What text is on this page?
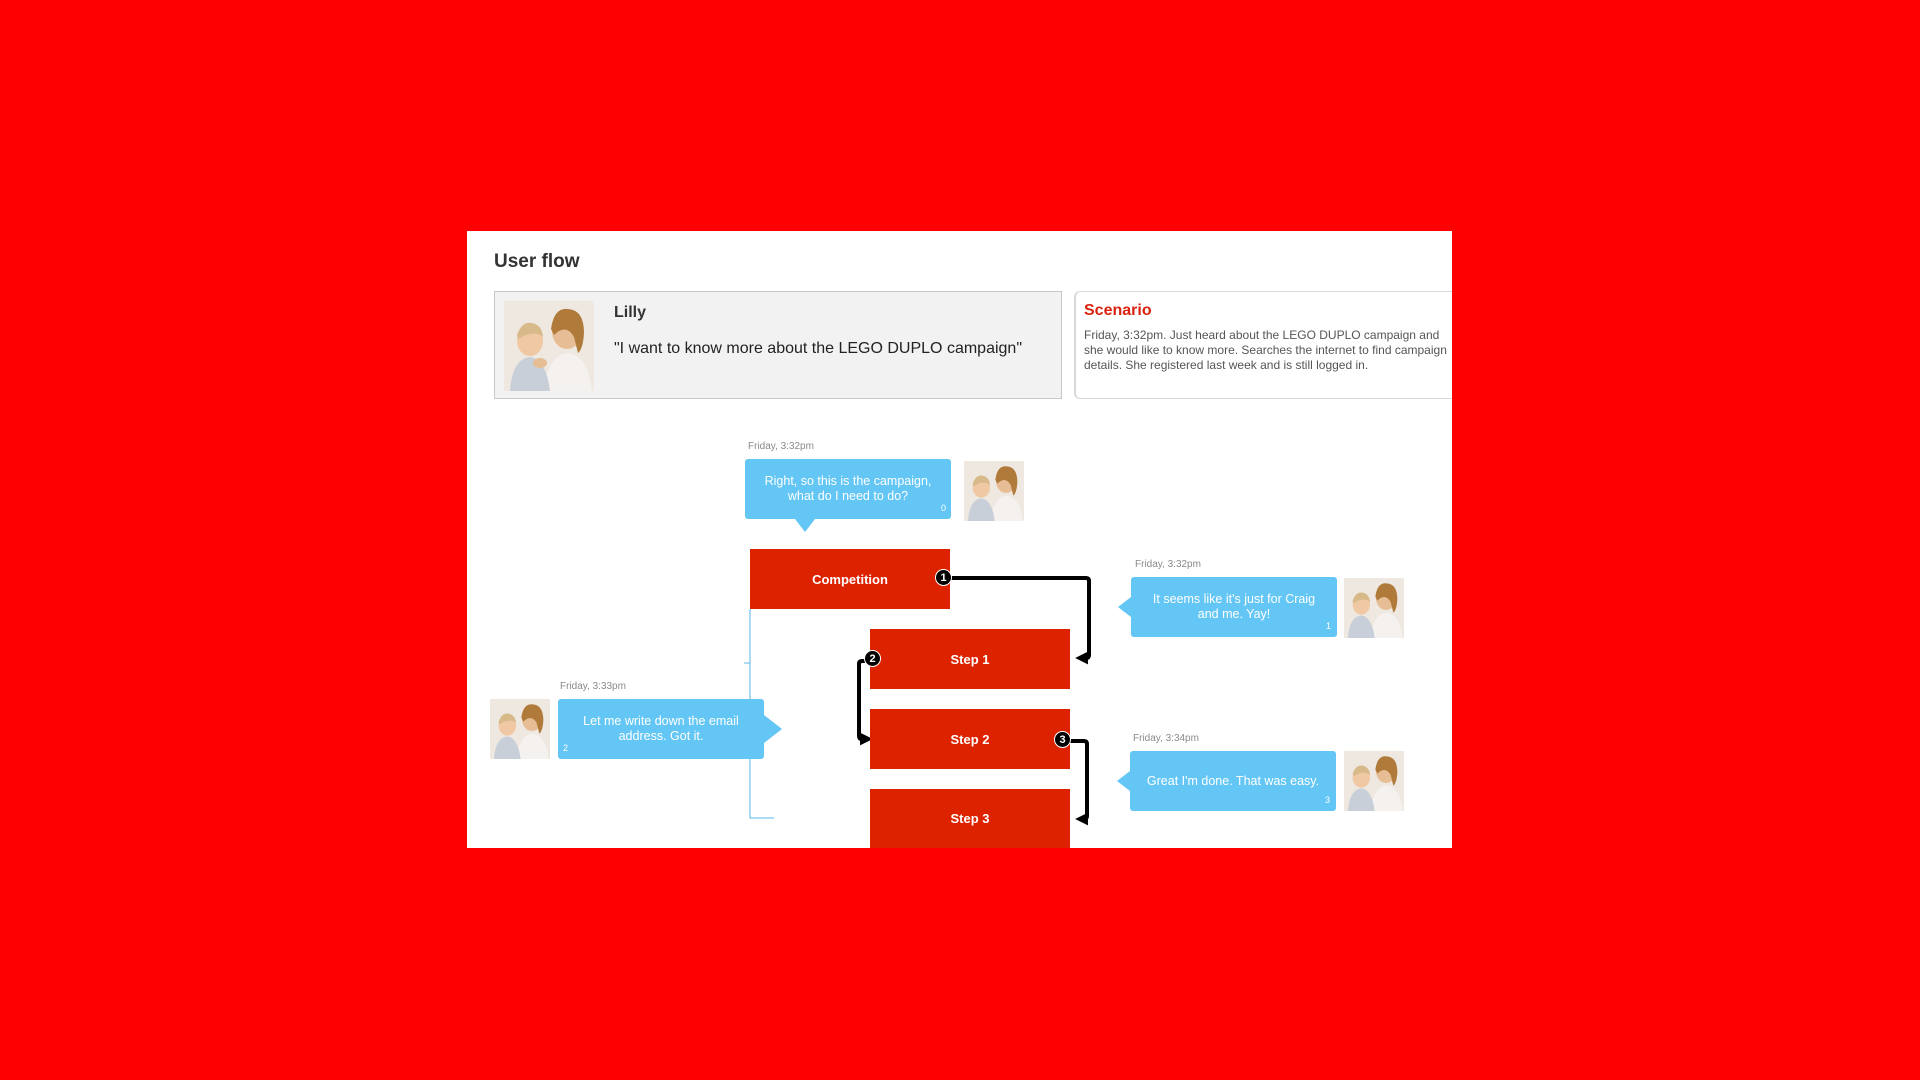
User flow
Lilly
"I want to know more about the LEGO DUPLO campaign"
Scenario
Friday, 3:32pm. Just heard about the LEGO DUPLO campaign and she would like to know more. Searches the internet to find campaign details. She registered last week and is still logged in.
Competition
Step 1
Step 2
Step 3
1
2
3
Friday, 3:32pm
Right, so this is the campaign, what do I need to do?
0
Friday, 3:32pm
It seems like it's just for Craig and me. Yay!
1
Friday, 3:33pm
Let me write down the email address. Got it.
2
Friday, 3:34pm
Great I'm done. That was easy.
3
